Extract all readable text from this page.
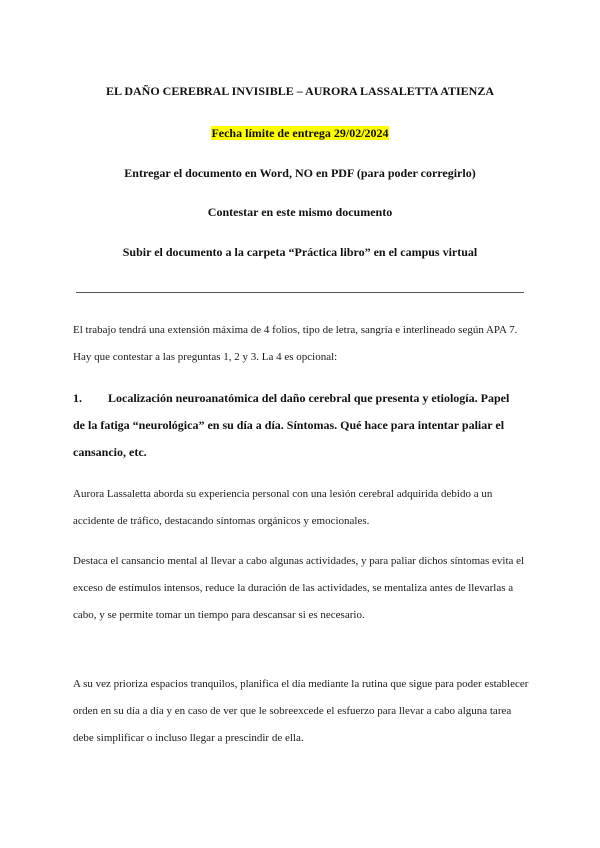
EL DAÑO CEREBRAL INVISIBLE – AURORA LASSALETTA ATIENZA
Fecha límite de entrega 29/02/2024
Entregar el documento en Word, NO en PDF (para poder corregirlo)
Contestar en este mismo documento
Subir el documento a la carpeta “Práctica libro” en el campus virtual

El trabajo tendrá una extensión máxima de 4 folios, tipo de letra, sangría e interlineado según APA 7. Hay que contestar a las preguntas 1, 2 y 3. La 4 es opcional:

1. Localización neuroanatómica del daño cerebral que presenta y etiología. Papel de la fatiga “neurológica” en su día a día. Síntomas. Qué hace para intentar paliar el cansancio, etc.

Aurora Lassaletta aborda su experiencia personal con una lesión cerebral adquirida debido a un accidente de tráfico, destacando síntomas orgánicos y emocionales.

Destaca el cansancio mental al llevar a cabo algunas actividades, y para paliar dichos síntomas evita el exceso de estímulos intensos, reduce la duración de las actividades, se mentaliza antes de llevarlas a cabo, y se permite tomar un tiempo para descansar si es necesario.

A su vez prioriza espacios tranquilos, planifica el día mediante la rutina que sigue para poder establecer orden en su día a día y en caso de ver que le sobreexcede el esfuerzo para llevar a cabo alguna tarea debe simplificar o incluso llegar a prescindir de ella.
